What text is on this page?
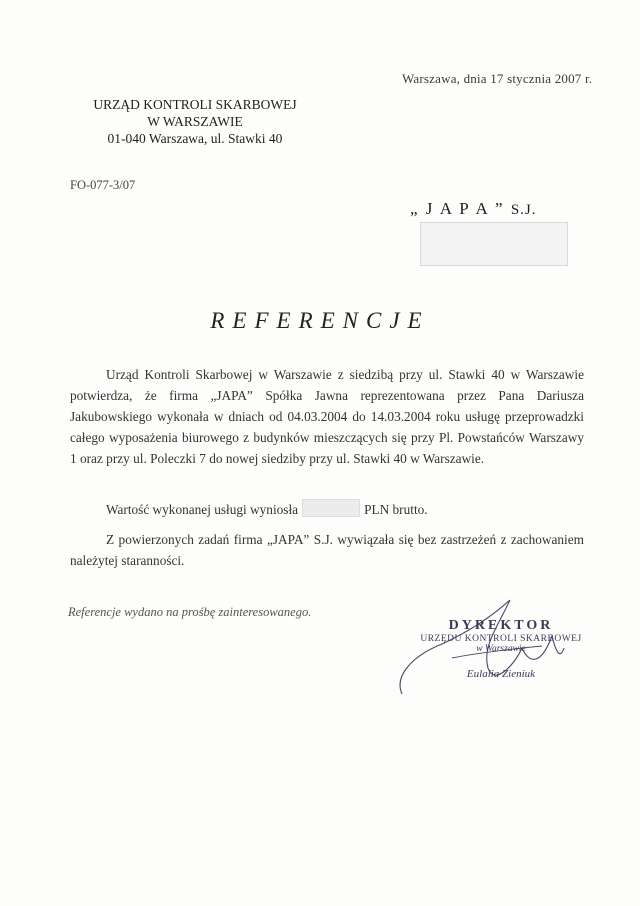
Warszawa, dnia 17 stycznia 2007 r.
URZĄD KONTROLI SKARBOWEJ
W WARSZAWIE
01-040 Warszawa, ul. Stawki 40
FO-077-3/07
„ J A P A ” S.J.
REFERENCJE

Urząd Kontroli Skarbowej w Warszawie z siedzibą przy ul. Stawki 40 w Warszawie potwierdza, że firma „JAPA” Spółka Jawna reprezentowana przez Pana Dariusza Jakubowskiego wykonała w dniach od 04.03.2004 do 14.03.2004 roku usługę przeprowadzki całego wyposażenia biurowego z budynków mieszczących się przy Pl. Powstańców Warszawy 1 oraz przy ul. Poleczki 7 do nowej siedziby przy ul. Stawki 40 w Warszawie.

Wartość wykonanej usługi wyniosła	PLN brutto.

Z powierzonych zadań firma „JAPA” S.J. wywiązała się bez zastrzeżeń z zachowaniem należytej staranności.

Referencje wydano na prośbę zainteresowanego.
DYREKTOR
URZĘDU KONTROLI SKARBOWEJ
w Warszawie
Eulalia Zieniuk
